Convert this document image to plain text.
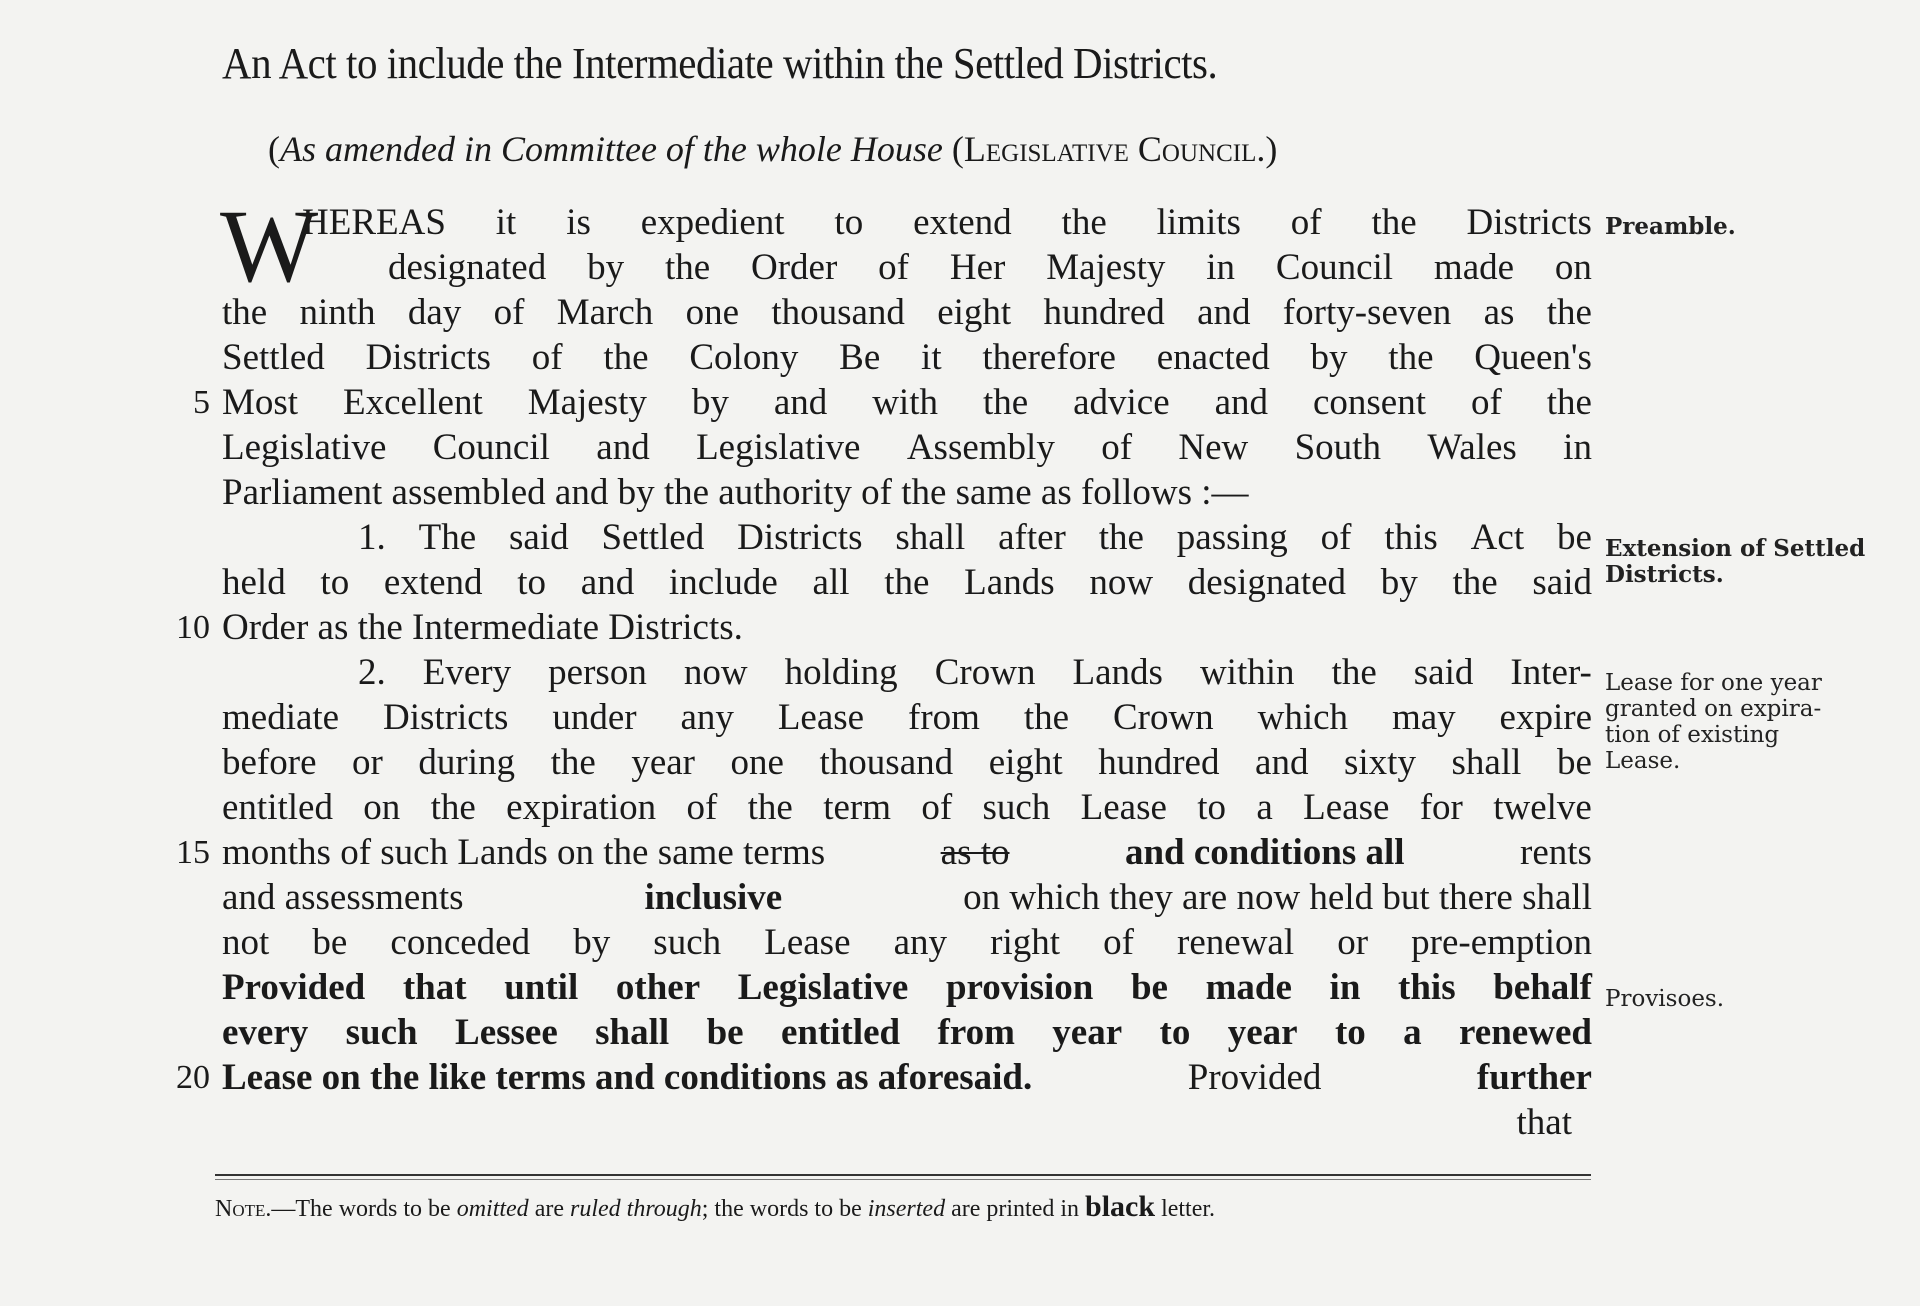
An Act to include the Intermediate within the Settled Districts.
(As amended in Committee of the whole House (Legislative Council.)
W
HEREAS it is expedient to extend the limits of the Districts
designated by the Order of Her Majesty in Council made on
the ninth day of March one thousand eight hundred and forty-seven as the
Settled Districts of the Colony Be it therefore enacted by the Queen's
5 Most Excellent Majesty by and with the advice and consent of the
Legislative Council and Legislative Assembly of New South Wales in
Parliament assembled and by the authority of the same as follows :—
1. The said Settled Districts shall after the passing of this Act be
held to extend to and include all the Lands now designated by the said
10 Order as the Intermediate Districts.
2. Every person now holding Crown Lands within the said Inter-
mediate Districts under any Lease from the Crown which may expire
before or during the year one thousand eight hundred and sixty shall be
entitled on the expiration of the term of such Lease to a Lease for twelve
15 months of such Lands on the same terms	as to	and conditions all	rents
and assessments	inclusive	on which they are now held but there shall
not be conceded by such Lease any right of renewal or pre-emption
Provided that until other Legislative provision be made in this behalf
every such Lessee shall be entitled from year to year to a renewed
20 Lease on the like terms and conditions as aforesaid.	Provided	further
that
Preamble.
Extension of Settled
Districts.
Lease for one year
granted on expira-
tion of existing
Lease.
Provisoes.
Note.—The words to be omitted are ruled through; the words to be inserted are printed in black letter.
